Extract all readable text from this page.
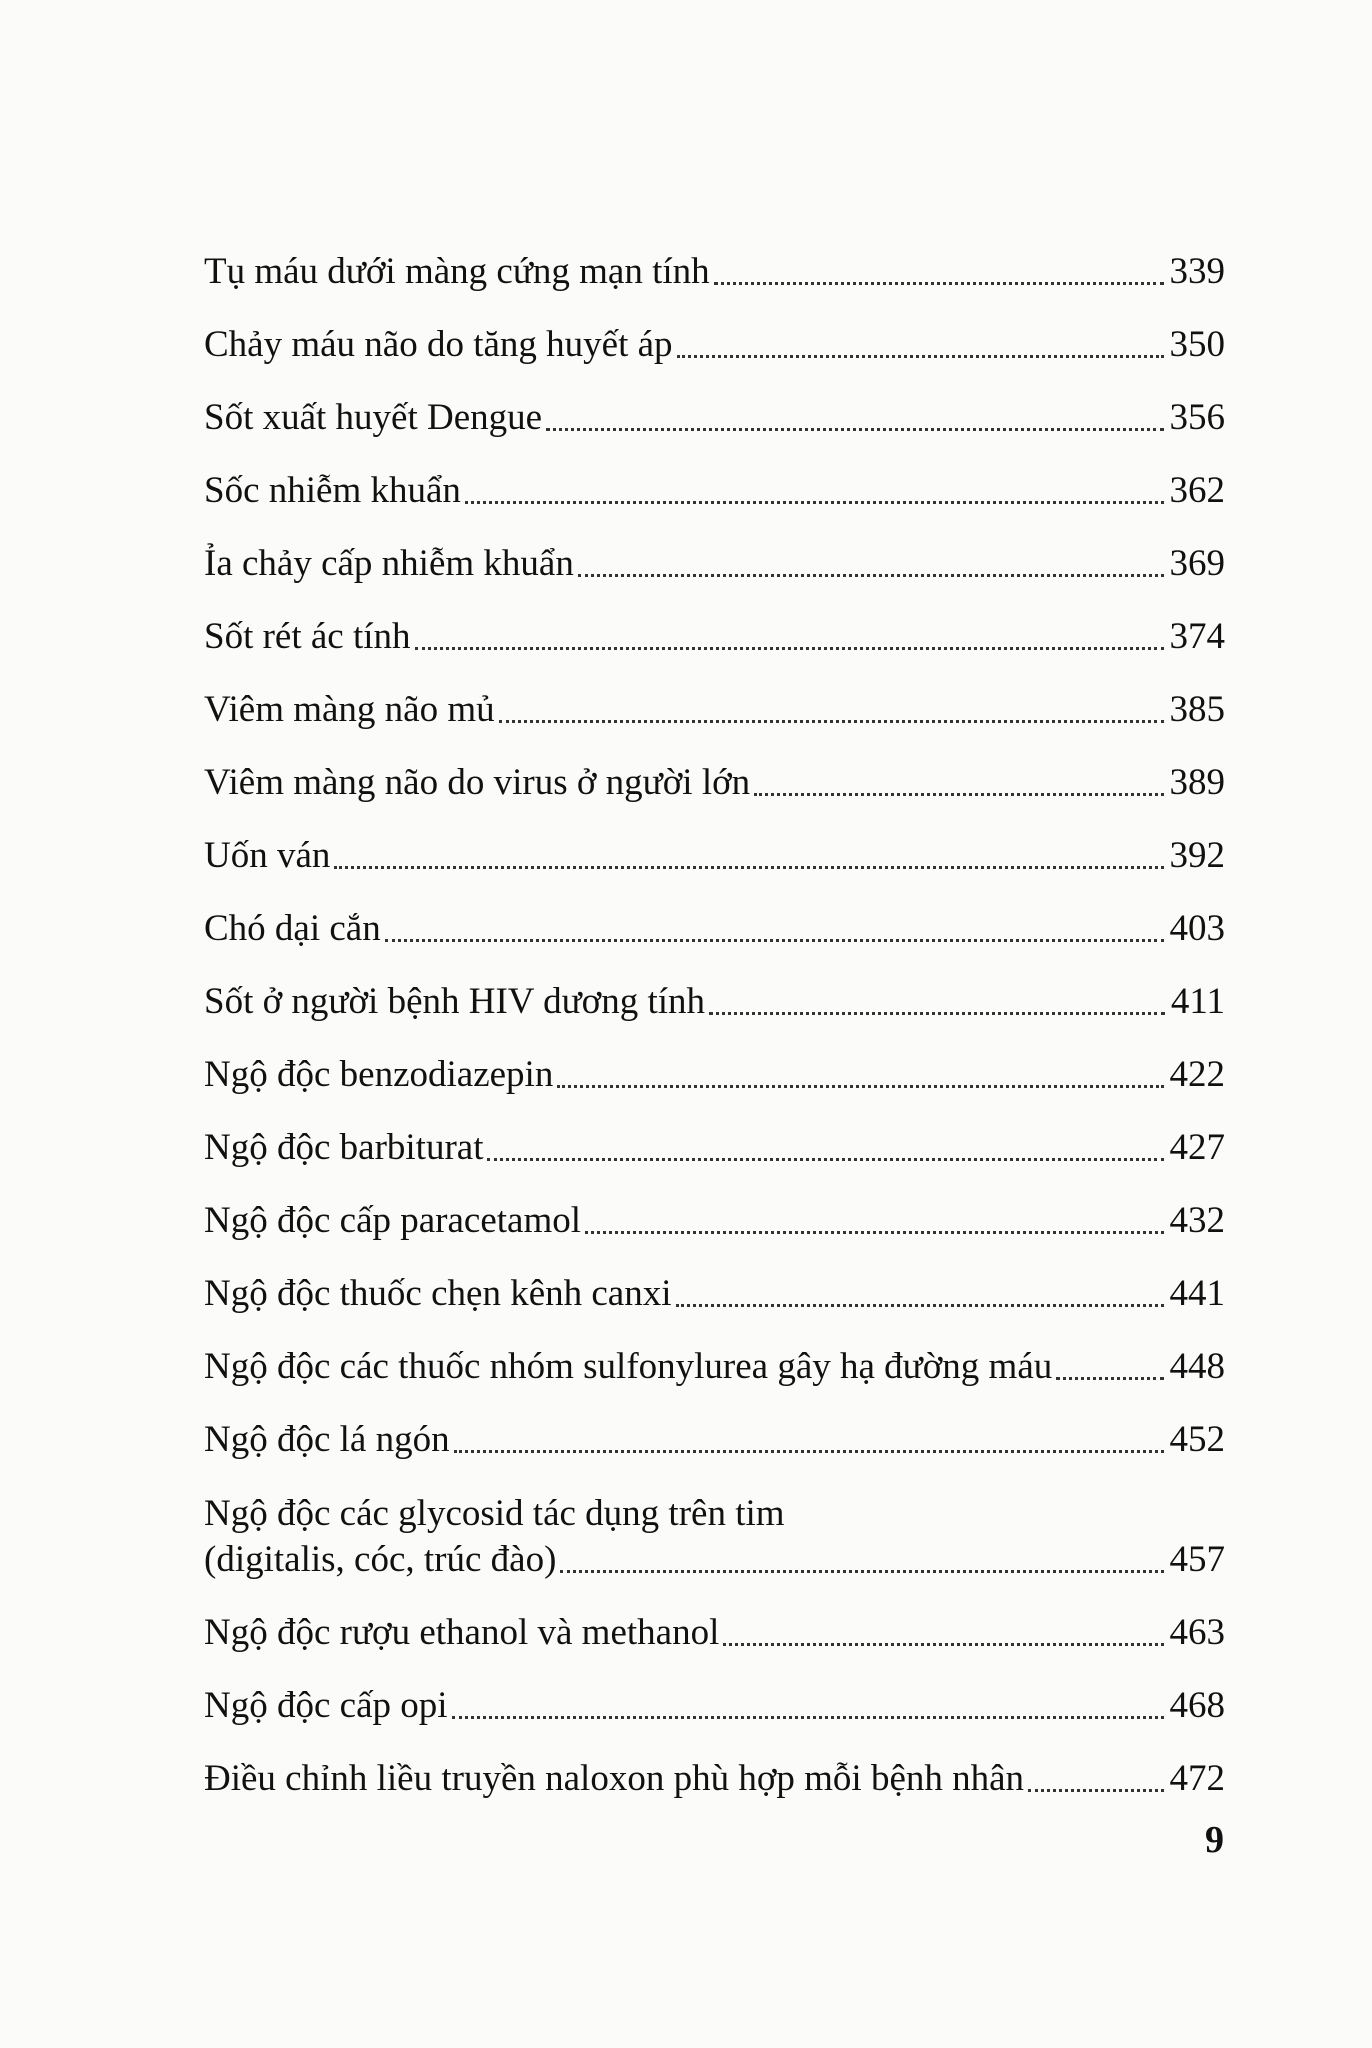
Tụ máu dưới màng cứng mạn tính	339
Chảy máu não do tăng huyết áp	350
Sốt xuất huyết Dengue	356
Sốc nhiễm khuẩn	362
Ỉa chảy cấp nhiễm khuẩn	369
Sốt rét ác tính	374
Viêm màng não mủ	385
Viêm màng não do virus ở người lớn	389
Uốn ván	392
Chó dại cắn	403
Sốt ở người bệnh HIV dương tính	411
Ngộ độc benzodiazepin	422
Ngộ độc barbiturat	427
Ngộ độc cấp paracetamol	432
Ngộ độc thuốc chẹn kênh canxi	441
Ngộ độc các thuốc nhóm sulfonylurea gây hạ đường máu	448
Ngộ độc lá ngón	452
Ngộ độc các glycosid tác dụng trên tim
(digitalis, cóc, trúc đào)	457
Ngộ độc rượu ethanol và methanol	463
Ngộ độc cấp opi	468
Điều chỉnh liều truyền naloxon phù hợp mỗi bệnh nhân	472
9
